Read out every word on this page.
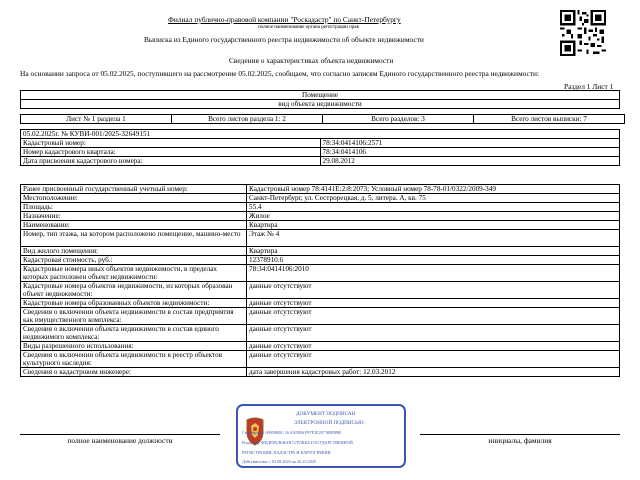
Филиал публично-правовой компании "Роскадастр" по Санкт-Петербургу
полное наименование органа регистрации прав
Выписка из Единого государственного реестра недвижимости об объекте недвижимости
Сведения о характеристиках объекта недвижимости
На основании запроса от 05.02.2025, поступившего на рассмотрение 05.02.2025, сообщаем, что согласно записям Единого государственного реестра недвижимости:
Раздел 1 Лист 1
Помещение
вид объекта недвижимости
Лист № 1 раздела 1	Всего листов раздела 1: 2	Всего разделов: 3	Всего листов выписки: 7
05.02.2025г. № КУВИ-001/2025-32649151	
Кадастровый номер:	78:34:0414106:2571
Номер кадастрового квартала:	78:34:0414106
Дата присвоения кадастрового номера:	29.08.2012
Ранее присвоенный государственный учетный номер:	Кадастровый номер 78:4141Е:2:8:2073; Условный номер 78-78-01/0322/2009-349
Местоположение:	Санкт-Петербург, ул. Сестрорецкая, д. 5, литера. А, кв. 75
Площадь:	55.4
Назначение:	Жилое
Наименование:	Квартира
Номер, тип этажа, на котором расположено помещение, машино-место	Этаж № 4
Вид жилого помещения:	Квартира
Кадастровая стоимость, руб.:	12378910.6
Кадастровые номера иных объектов недвижимости, в пределах которых расположен объект недвижимости:	78:34:0414106:2010
Кадастровые номера объектов недвижимости, из которых образован объект недвижимости:	данные отсутствуют
Кадастровые номера образованных объектов недвижимости:	данные отсутствуют
Сведения о включении объекта недвижимости в состав предприятия как имущественного комплекса:	данные отсутствуют
Сведения о включении объекта недвижимости в состав единого недвижимого комплекса:	данные отсутствуют
Виды разрешенного использования:	данные отсутствуют
Сведения о включении объекта недвижимости в реестр объектов культурного наследия:	данные отсутствуют
Сведения о кадастровом инженере:	дата завершения кадастровых работ: 12.03.2012
полное наименование должности	инициалы, фамилия
ДОКУМЕНТ ПОДПИСАН
ЭЛЕКТРОННОЙ ПОДПИСЬЮ
Сертификат: 00959B0C 16 A925B6 F97E1E257 9BFB9B
Владелец: ФЕДЕРАЛЬНАЯ СЛУЖБА ГОСУДАРСТВЕННОЙ
РЕГИСТРАЦИИ, КАДАСТРА И КАРТОГРАФИИ
Действителен: с 02.08.2024 по 26.10.2025
